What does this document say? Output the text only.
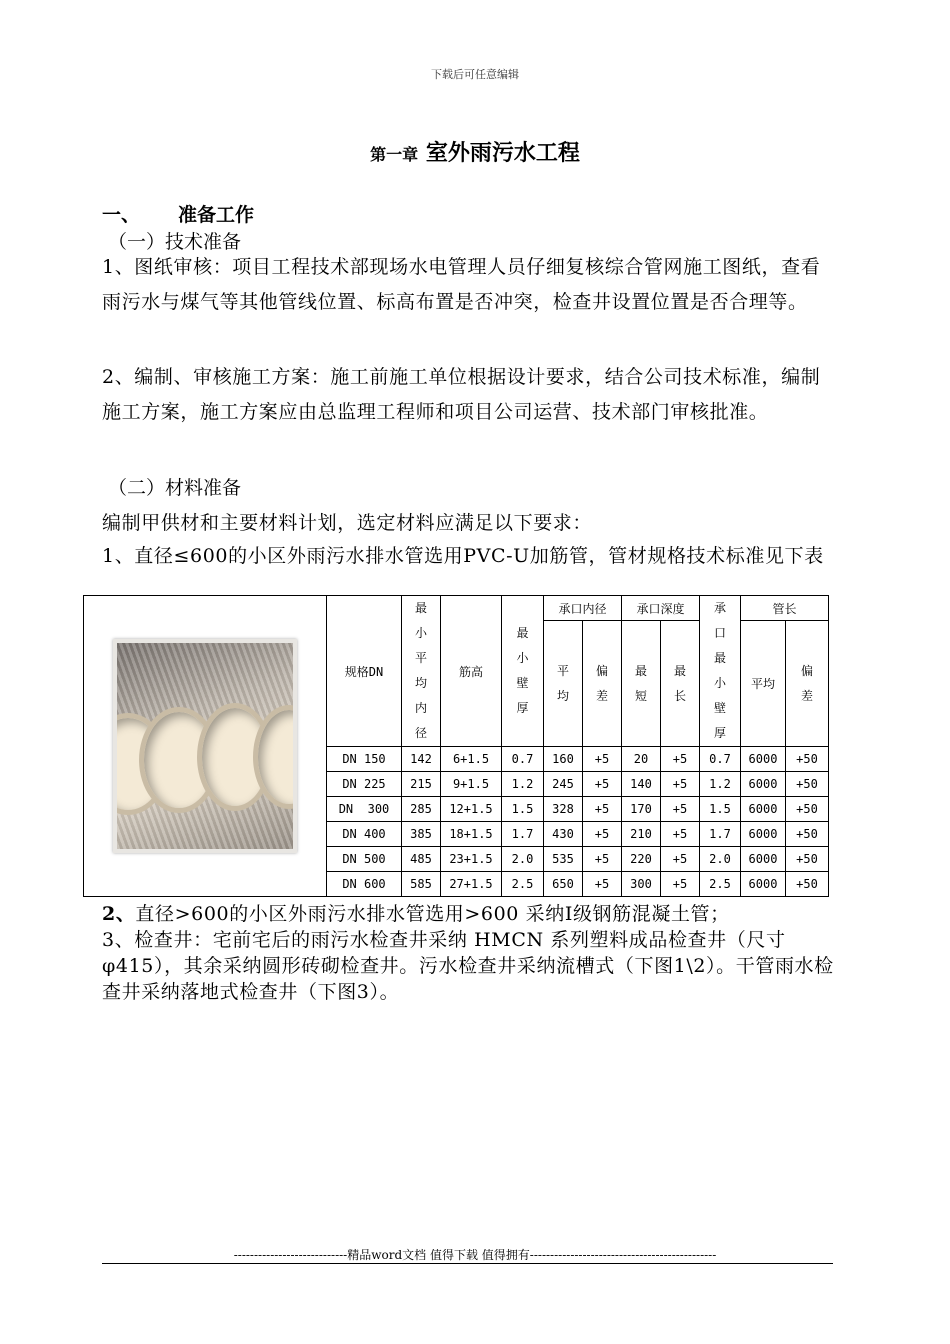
下载后可任意编辑
第一章 室外雨污水工程
一、 准备工作
（一）技术准备
1、图纸审核：项目工程技术部现场水电管理人员仔细复核综合管网施工图纸，查看雨污水与煤气等其他管线位置、标高布置是否冲突，检查井设置位置是否合理等。
2、编制、审核施工方案：施工前施工单位根据设计要求，结合公司技术标准，编制施工方案，施工方案应由总监理工程师和项目公司运营、技术部门审核批准。
（二）材料准备
编制甲供材和主要材料计划，选定材料应满足以下要求：
1、直径≤600的小区外雨污水排水管选用PVC-U加筋管，管材规格技术标准见下表
	规格DN	最小平均内径	筋高	最小壁厚	承口内径		承口深度		承口最小壁厚	管长	
					平均	偏差	最短	最长		平均	偏差

	DN 150	142	6+1.5	0.7	160	+5	20	+5	0.7	6000	+50
	DN 225	215	9+1.5	1.2	245	+5	140	+5	1.2	6000	+50
	DN  300	285	12+1.5	1.5	328	+5	170	+5	1.5	6000	+50
	DN 400	385	18+1.5	1.7	430	+5	210	+5	1.7	6000	+50
	DN 500	485	23+1.5	2.0	535	+5	220	+5	2.0	6000	+50
	DN 600	585	27+1.5	2.5	650	+5	300	+5	2.5	6000	+50
2、直径>600的小区外雨污水排水管选用>600 采纳Ⅰ级钢筋混凝土管；
3、检查井：宅前宅后的雨污水检查井采纳 HMCN 系列塑料成品检查井（尺寸φ415），其余采纳圆形砖砌检查井。污水检查井采纳流槽式（下图1\2）。干管雨水检查井采纳落地式检查井（下图3）。
----------------------------精品word文档 值得下载 值得拥有----------------------------------------------
